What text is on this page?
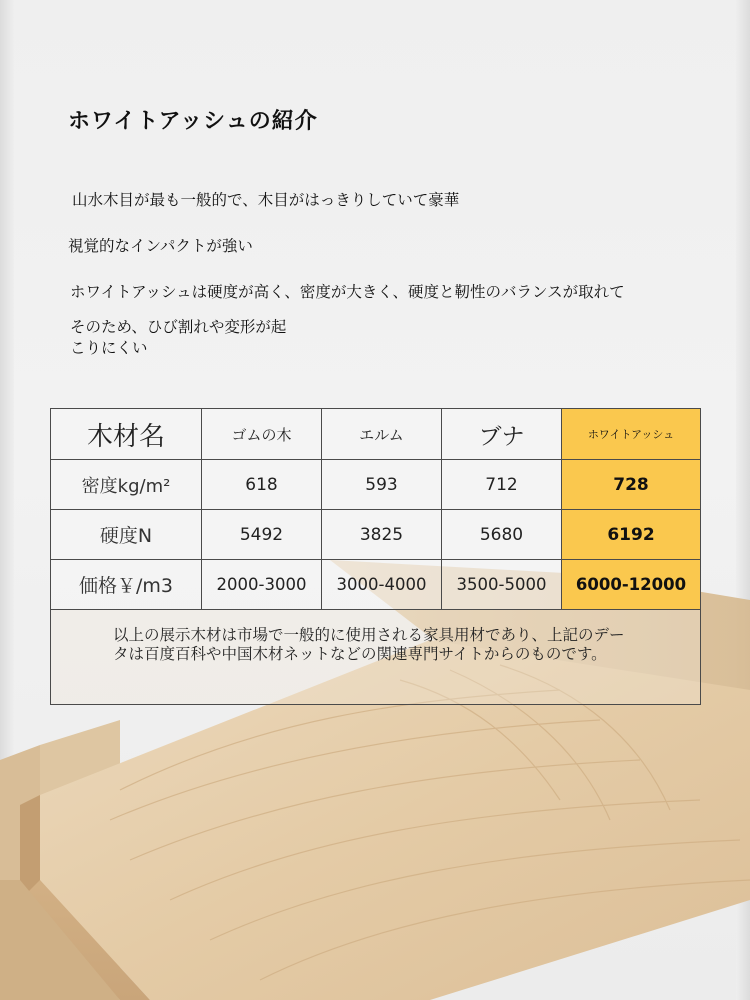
ホワイトアッシュの紹介
山水木目が最も一般的で、木目がはっきりしていて豪華
視覚的なインパクトが強い
ホワイトアッシュは硬度が高く、密度が大きく、硬度と靭性のバランスが取れて
そのため、ひび割れや変形が起
こりにくい
木材名	ゴムの木	エルム	ブナ	ホワイトアッシュ
密度kg/m²	618	593	712	728
硬度N	5492	3825	5680	6192
価格￥/m3	2000-3000	3000-4000	3500-5000	6000-12000

以上の展示木材は市場で一般的に使用される家具用材であり、上記のデータは百度百科や中国木材ネットなどの関連専門サイトからのものです。				
